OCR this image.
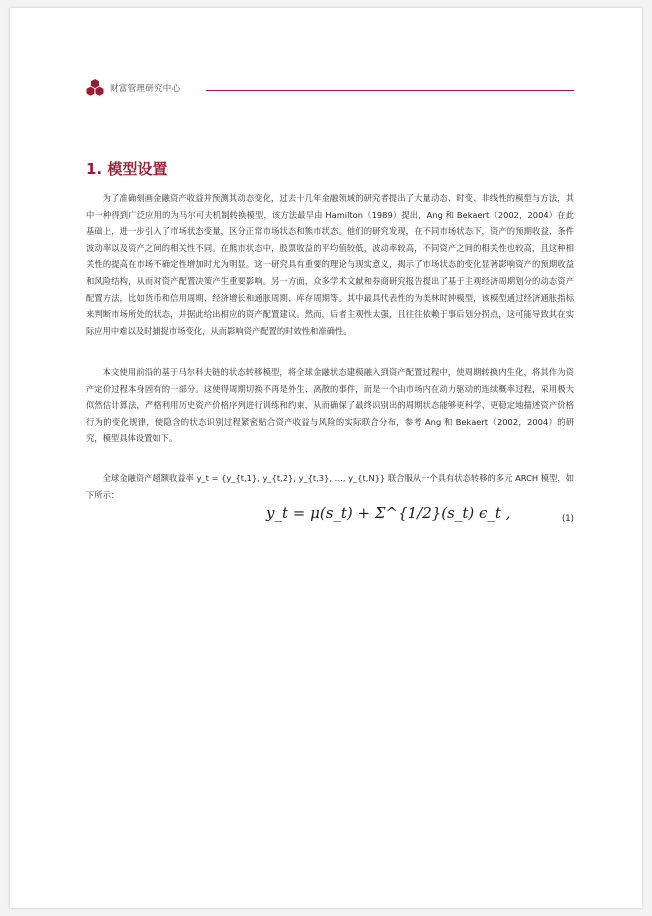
财富管理研究中心
1. 模型设置

为了准确刻画金融资产收益并预测其动态变化，过去十几年金融领域的研究者提出了大量动态、时变、非线性的模型与方法，其中一种得到广泛应用的为马尔可夫机制转换模型，该方法最早由 Hamilton（1989）提出，Ang 和 Bekaert（2002，2004）在此基础上，进一步引入了市场状态变量，区分正常市场状态和熊市状态。他们的研究发现，在不同市场状态下，资产的预期收益、条件波动率以及资产之间的相关性不同。在熊市状态中，股票收益的平均值较低，波动率较高，不同资产之间的相关性也较高，且这种相关性的提高在市场不确定性增加时尤为明显。这一研究具有重要的理论与现实意义，揭示了市场状态的变化显著影响资产的预期收益和风险结构，从而对资产配置决策产生重要影响。另一方面，众多学术文献和券商研究报告提出了基于主观经济周期划分的动态资产配置方法，比如货币和信用周期、经济增长和通胀周期、库存周期等。其中最具代表性的为美林时钟模型，该模型通过经济通胀指标来判断市场所处的状态，并据此给出相应的资产配置建议。然而，后者主观性太强，且往往依赖于事后划分拐点，这可能导致其在实际应用中难以及时捕捉市场变化，从而影响资产配置的时效性和准确性。

本文使用前沿的基于马尔科夫链的状态转移模型，将全球金融状态建模融入到资产配置过程中，使周期转换内生化，将其作为资产定价过程本身固有的一部分。这使得周期切换不再是外生、离散的事件，而是一个由市场内在动力驱动的连续概率过程，采用极大似然估计算法，严格利用历史资产价格序列进行训练和约束，从而确保了最终识别出的周期状态能够更科学、更稳定地描述资产价格行为的变化规律，使隐含的状态识别过程紧密贴合资产收益与风险的实际联合分布，参考 Ang 和 Bekaert（2002，2004）的研究，模型具体设置如下。

全球金融资产超额收益率 y_t = {y_{t,1}, y_{t,2}, y_{t,3}, …, y_{t,N}} 联合服从一个具有状态转移的多元 ARCH 模型，如下所示：

y_t = μ(s_t) + Σ^{1/2}(s_t) ϵ_t ,	(1)
